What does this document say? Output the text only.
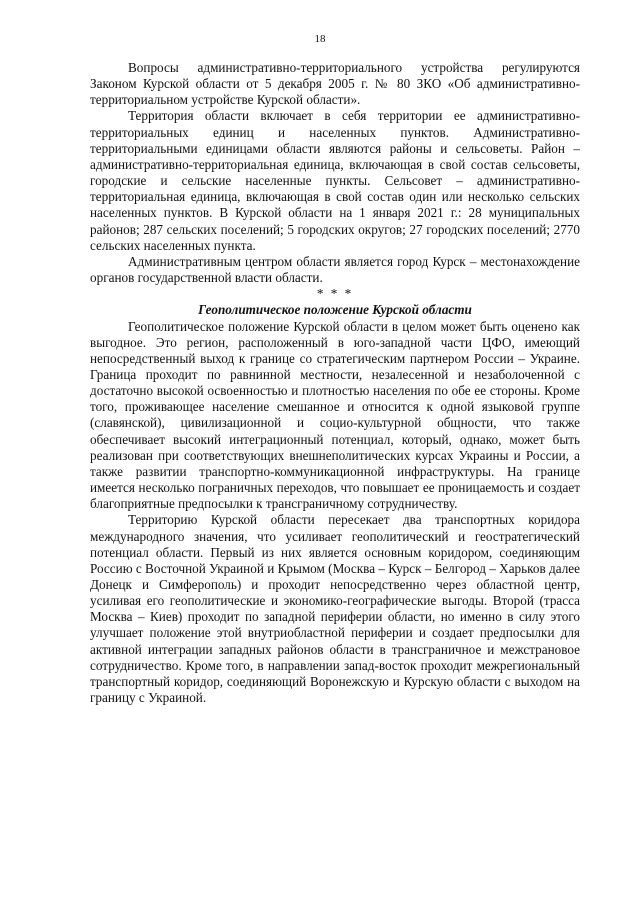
18

Вопросы административно-территориального устройства регулируются Законом Курской области от 5 декабря 2005 г. № 80 ЗКО «Об административно-территориальном устройстве Курской области».

Территория области включает в себя территории ее административно-территориальных единиц и населенных пунктов. Административно-территориальными единицами области являются районы и сельсоветы. Район – административно-территориальная единица, включающая в свой состав сельсоветы, городские и сельские населенные пункты. Сельсовет – административно-территориальная единица, включающая в свой состав один или несколько сельских населенных пунктов. В Курской области на 1 января 2021 г.: 28 муниципальных районов; 287 сельских поселений; 5 городских округов; 27 городских поселений; 2770 сельских населенных пункта.

Административным центром области является город Курск – местонахождение органов государственной власти области.

* * *
Геополитическое положение Курской области

Геополитическое положение Курской области в целом может быть оценено как выгодное. Это регион, расположенный в юго-западной части ЦФО, имеющий непосредственный выход к границе со стратегическим партнером России – Украине. Граница проходит по равнинной местности, незалесенной и незаболоченной с достаточно высокой освоенностью и плотностью населения по обе ее стороны. Кроме того, проживающее население смешанное и относится к одной языковой группе (славянской), цивилизационной и социо-культурной общности, что также обеспечивает высокий интеграционный потенциал, который, однако, может быть реализован при соответствующих внешнеполитических курсах Украины и России, а также развитии транспортно-коммуникационной инфраструктуры. На границе имеется несколько пограничных переходов, что повышает ее проницаемость и создает благоприятные предпосылки к трансграничному сотрудничеству.

Территорию Курской области пересекает два транспортных коридора международного значения, что усиливает геополитический и геостратегический потенциал области. Первый из них является основным коридором, соединяющим Россию с Восточной Украиной и Крымом (Москва – Курск – Белгород – Харьков далее Донецк и Симферополь) и проходит непосредственно через областной центр, усиливая его геополитические и экономико-географические выгоды. Второй (трасса Москва – Киев) проходит по западной периферии области, но именно в силу этого улучшает положение этой внутриобластной периферии и создает предпосылки для активной интеграции западных районов области в трансграничное и межстрановое сотрудничество. Кроме того, в направлении запад-восток проходит межрегиональный транспортный коридор, соединяющий Воронежскую и Курскую области с выходом на границу с Украиной.
